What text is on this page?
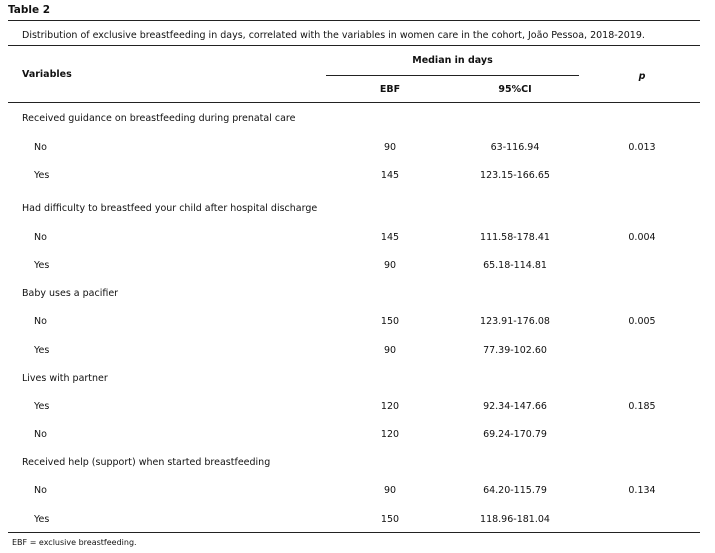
Table 2
Distribution of exclusive breastfeeding in days, correlated with the variables in women care in the cohort, João Pessoa, 2018-2019.
Variables
Median in days
EBF	95%CI
p
Received guidance on breastfeeding during prenatal care
No	90	63-116.94	0.013
Yes	145	123.15-166.65
Had difficulty to breastfeed your child after hospital discharge
No	145	111.58-178.41	0.004
Yes	90	65.18-114.81
Baby uses a pacifier
No	150	123.91-176.08	0.005
Yes	90	77.39-102.60
Lives with partner
Yes	120	92.34-147.66	0.185
No	120	69.24-170.79
Received help (support) when started breastfeeding
No	90	64.20-115.79	0.134
Yes	150	118.96-181.04
EBF = exclusive breastfeeding.
